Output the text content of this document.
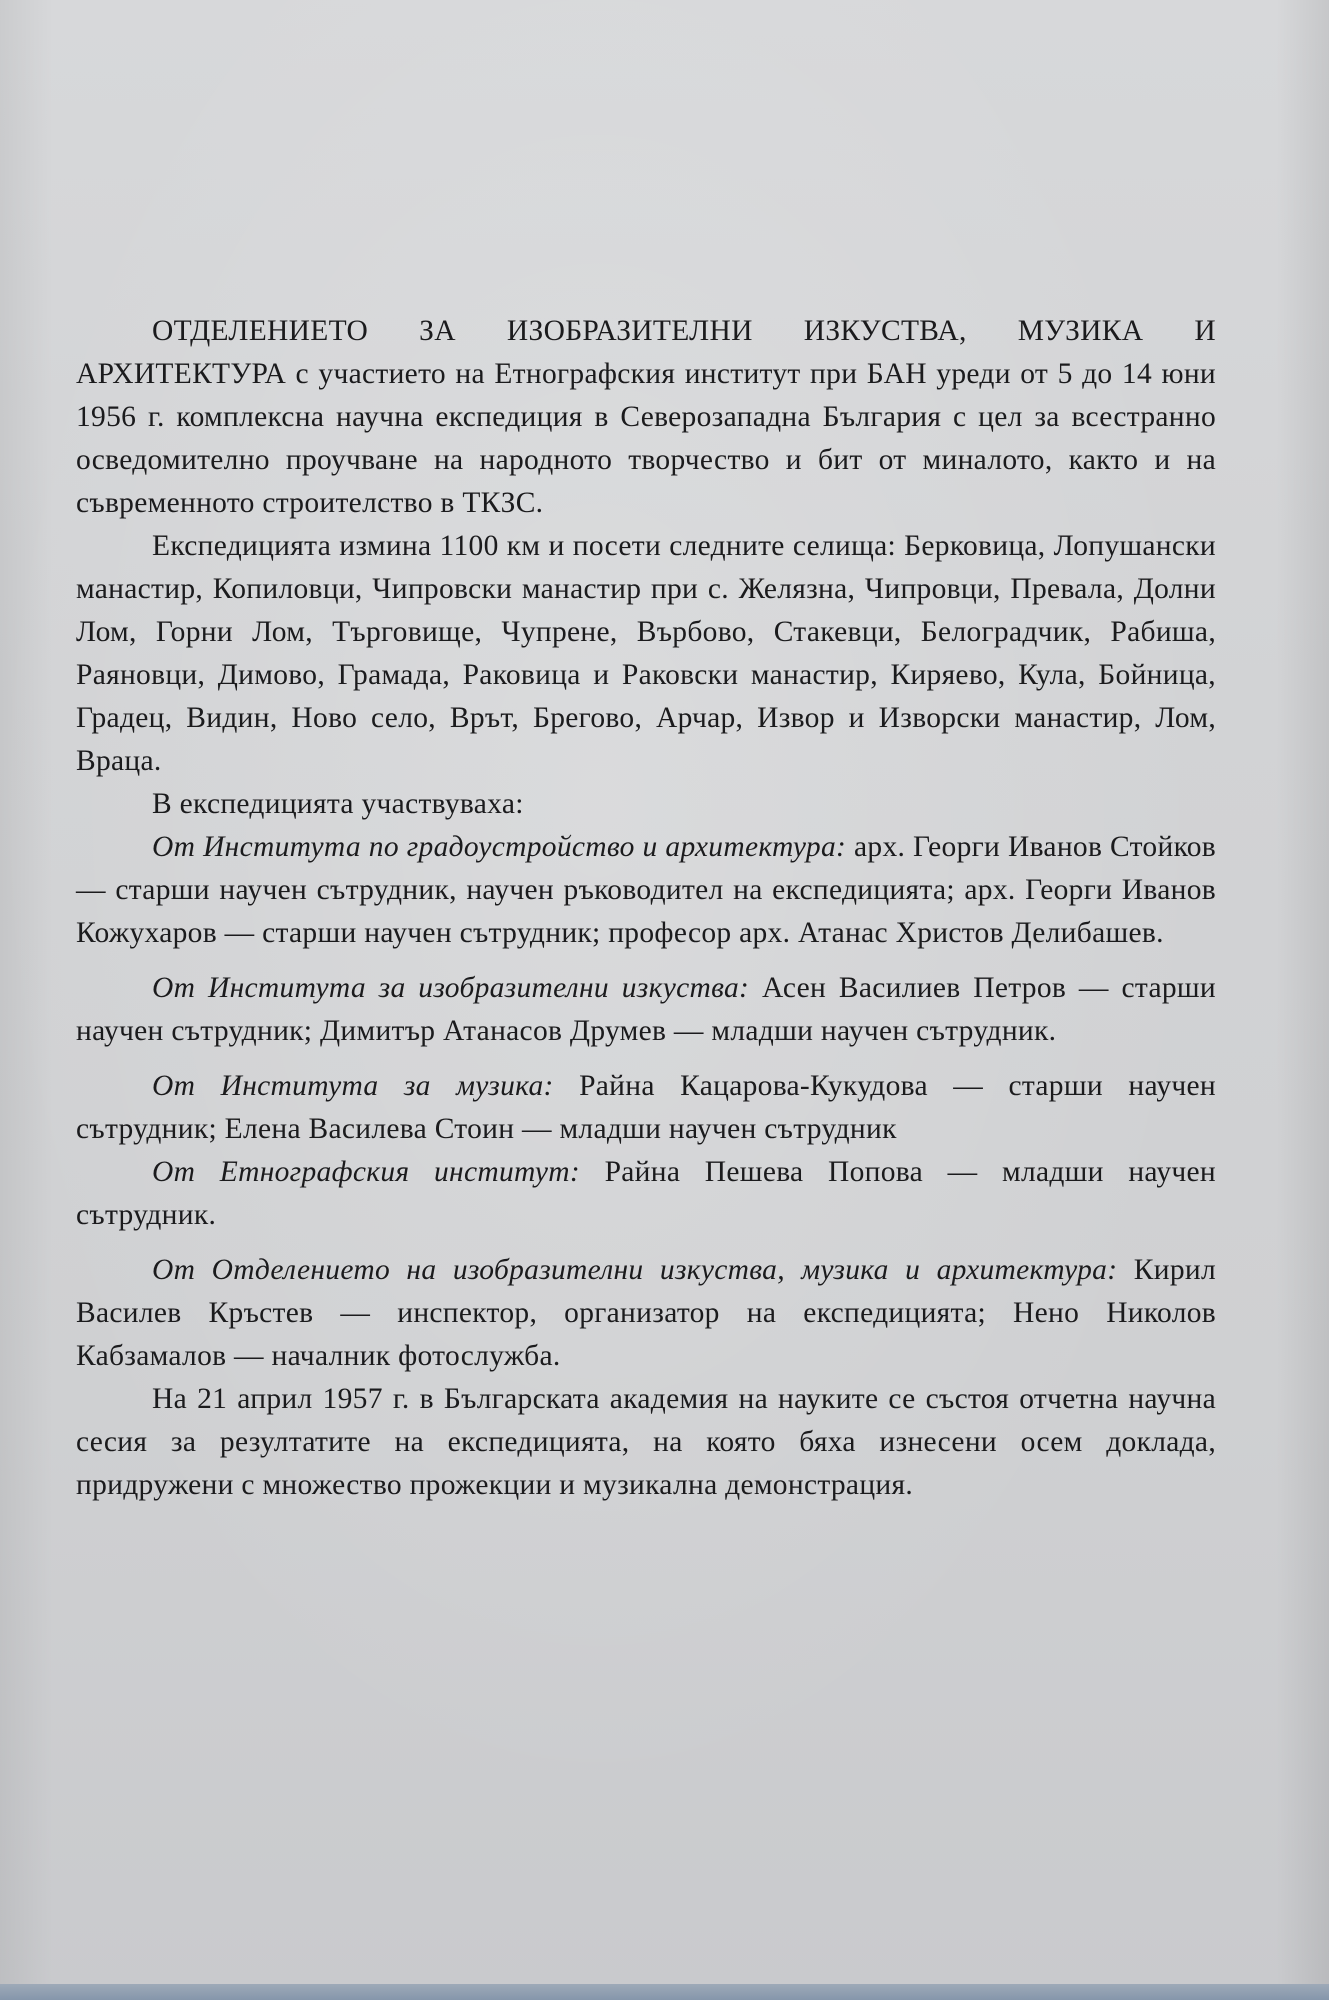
ОТДЕЛЕНИЕТО ЗА ИЗОБРАЗИТЕЛНИ ИЗКУСТВА, МУЗИКА И АРХИТЕКТУРА с участието на Етнографския институт при БАН уреди от 5 до 14 юни 1956 г. комплексна научна експедиция в Северозападна България с цел за всестранно осведомително проучване на народното творчество и бит от миналото, както и на съвременното строителство в ТКЗС.

Експедицията измина 1100 км и посети следните селища: Берковица, Лопушански манастир, Копиловци, Чипровски манастир при с. Желязна, Чипровци, Превала, Долни Лом, Горни Лом, Търговище, Чупрене, Върбово, Стакевци, Белоградчик, Рабиша, Раяновци, Димово, Грамада, Раковица и Раковски манастир, Киряево, Кула, Бойница, Градец, Видин, Ново село, Врът, Брегово, Арчар, Извор и Изворски манастир, Лом, Враца.

В експедицията участвуваха:

От Института по градоустройство и архитектура: арх. Георги Иванов Стойков — старши научен сътрудник, научен ръководител на експедицията; арх. Георги Иванов Кожухаров — старши научен сътрудник; професор арх. Атанас Христов Делибашев.

От Института за изобразителни изкуства: Асен Василиев Петров — старши научен сътрудник; Димитър Атанасов Друмев — младши научен сътрудник.

От Института за музика: Райна Кацарова-Кукудова — старши научен сътрудник; Елена Василева Стоин — младши научен сътрудник

От Етнографския институт: Райна Пешева Попова — младши научен сътрудник.

От Отделението на изобразителни изкуства, музика и архитектура: Кирил Василев Кръстев — инспектор, организатор на експедицията; Нено Николов Кабзамалов — началник фотослужба.

На 21 април 1957 г. в Българската академия на науките се състоя отчетна научна сесия за резултатите на експедицията, на която бяха изнесени осем доклада, придружени с множество прожекции и музикална демонстрация.
